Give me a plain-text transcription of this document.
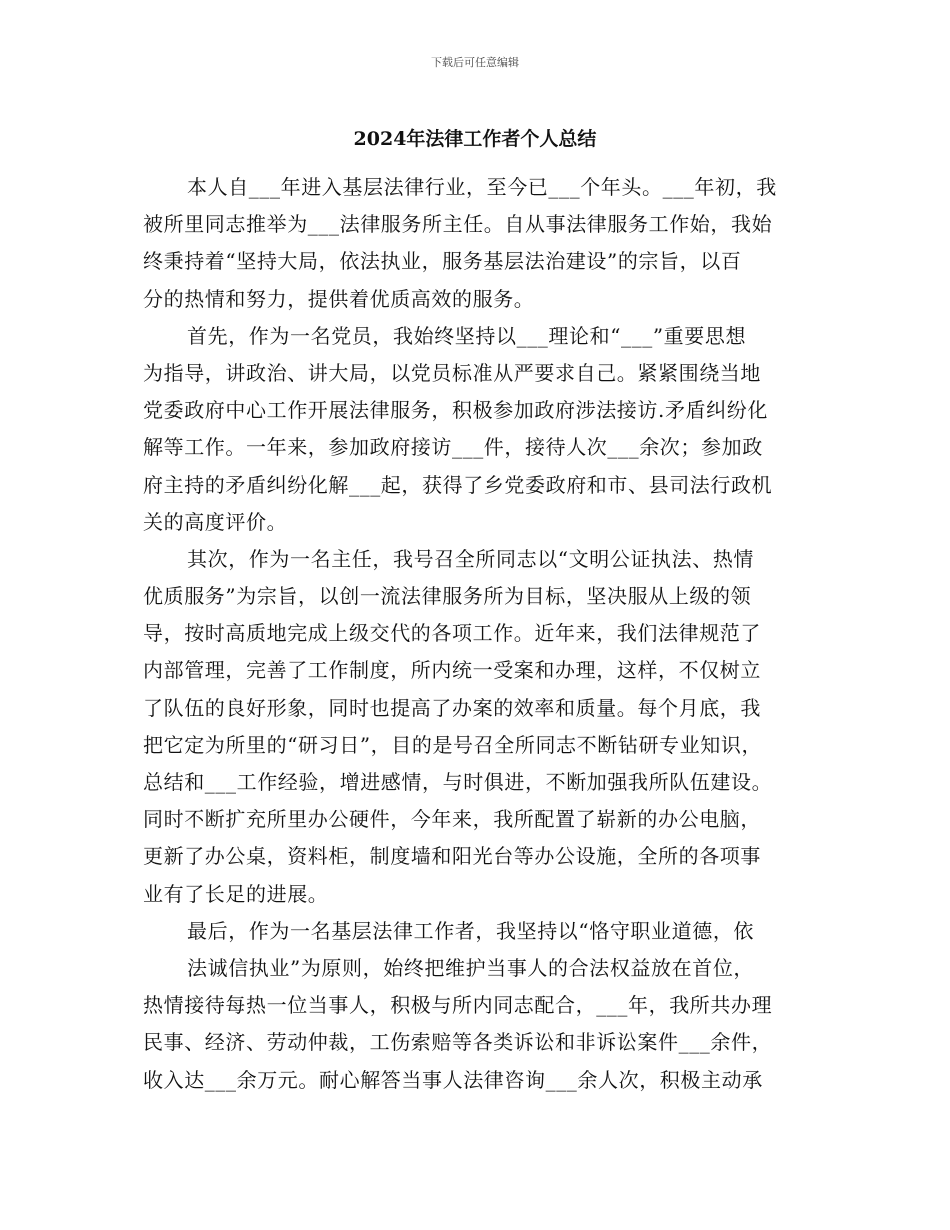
下载后可任意编辑
2024年法律工作者个人总结
本人自___年进入基层法律行业，至今已___个年头。___年初，我
被所里同志推举为___法律服务所主任。自从事法律服务工作始，我始
终秉持着“坚持大局，依法执业，服务基层法治建设”的宗旨，以百
分的热情和努力，提供着优质高效的服务。
首先，作为一名党员，我始终坚持以___理论和“___”重要思想
为指导，讲政治、讲大局，以党员标准从严要求自己。紧紧围绕当地
党委政府中心工作开展法律服务，积极参加政府涉法接访.矛盾纠纷化
解等工作。一年来，参加政府接访___件，接待人次___余次；参加政
府主持的矛盾纠纷化解___起，获得了乡党委政府和市、县司法行政机
关的高度评价。
其次，作为一名主任，我号召全所同志以“文明公证执法、热情
优质服务”为宗旨，以创一流法律服务所为目标，坚决服从上级的领
导，按时高质地完成上级交代的各项工作。近年来，我们法律规范了
内部管理，完善了工作制度，所内统一受案和办理，这样，不仅树立
了队伍的良好形象，同时也提高了办案的效率和质量。每个月底，我
把它定为所里的“研习日”，目的是号召全所同志不断钻研专业知识，
总结和___工作经验，增进感情，与时俱进，不断加强我所队伍建设。
同时不断扩充所里办公硬件，今年来，我所配置了崭新的办公电脑，
更新了办公桌，资料柜，制度墙和阳光台等办公设施，全所的各项事
业有了长足的进展。
最后，作为一名基层法律工作者，我坚持以“恪守职业道德，依
法诚信执业”为原则，始终把维护当事人的合法权益放在首位，
热情接待每热一位当事人，积极与所内同志配合，___年，我所共办理
民事、经济、劳动仲裁，工伤索赔等各类诉讼和非诉讼案件___余件，
收入达___余万元。耐心解答当事人法律咨询___余人次，积极主动承
